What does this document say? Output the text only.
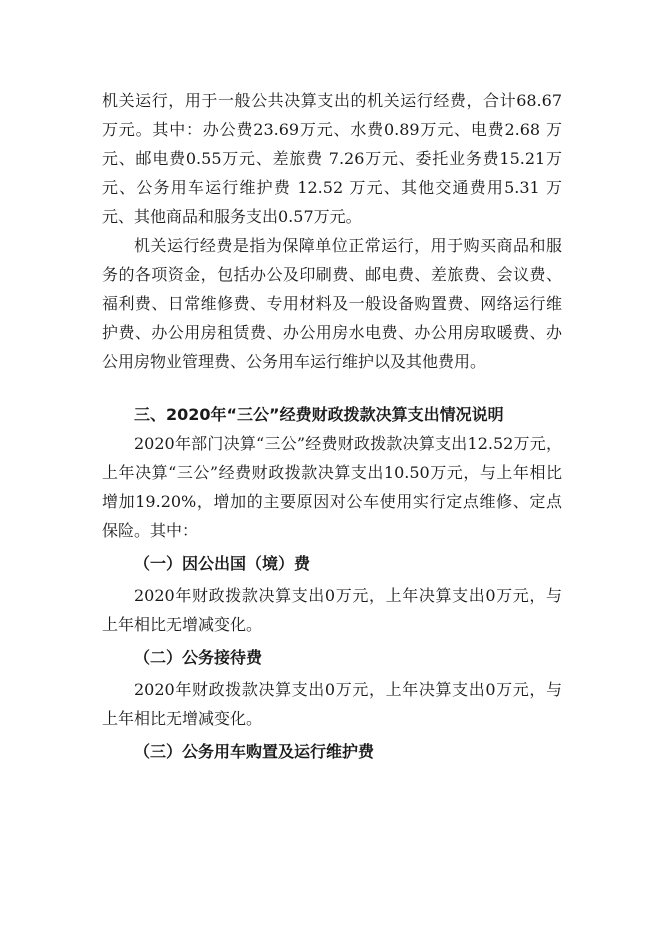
机关运行，用于一般公共决算支出的机关运行经费，合计68.67万元。其中：办公费23.69万元、水费0.89万元、电费2.68 万元、邮电费0.55万元、差旅费 7.26万元、委托业务费15.21万元、公务用车运行维护费 12.52 万元、其他交通费用5.31 万元、其他商品和服务支出0.57万元。

机关运行经费是指为保障单位正常运行，用于购买商品和服务的各项资金，包括办公及印刷费、邮电费、差旅费、会议费、福利费、日常维修费、专用材料及一般设备购置费、网络运行维护费、办公用房租赁费、办公用房水电费、办公用房取暖费、办公用房物业管理费、公务用车运行维护以及其他费用。

三、2020年“三公”经费财政拨款决算支出情况说明

2020年部门决算“三公”经费财政拨款决算支出12.52万元，上年决算“三公”经费财政拨款决算支出10.50万元，与上年相比增加19.20%，增加的主要原因对公车使用实行定点维修、定点保险。其中：

（一）因公出国（境）费

2020年财政拨款决算支出0万元，上年决算支出0万元，与上年相比无增减变化。

（二）公务接待费

2020年财政拨款决算支出0万元，上年决算支出0万元，与上年相比无增减变化。

（三）公务用车购置及运行维护费
